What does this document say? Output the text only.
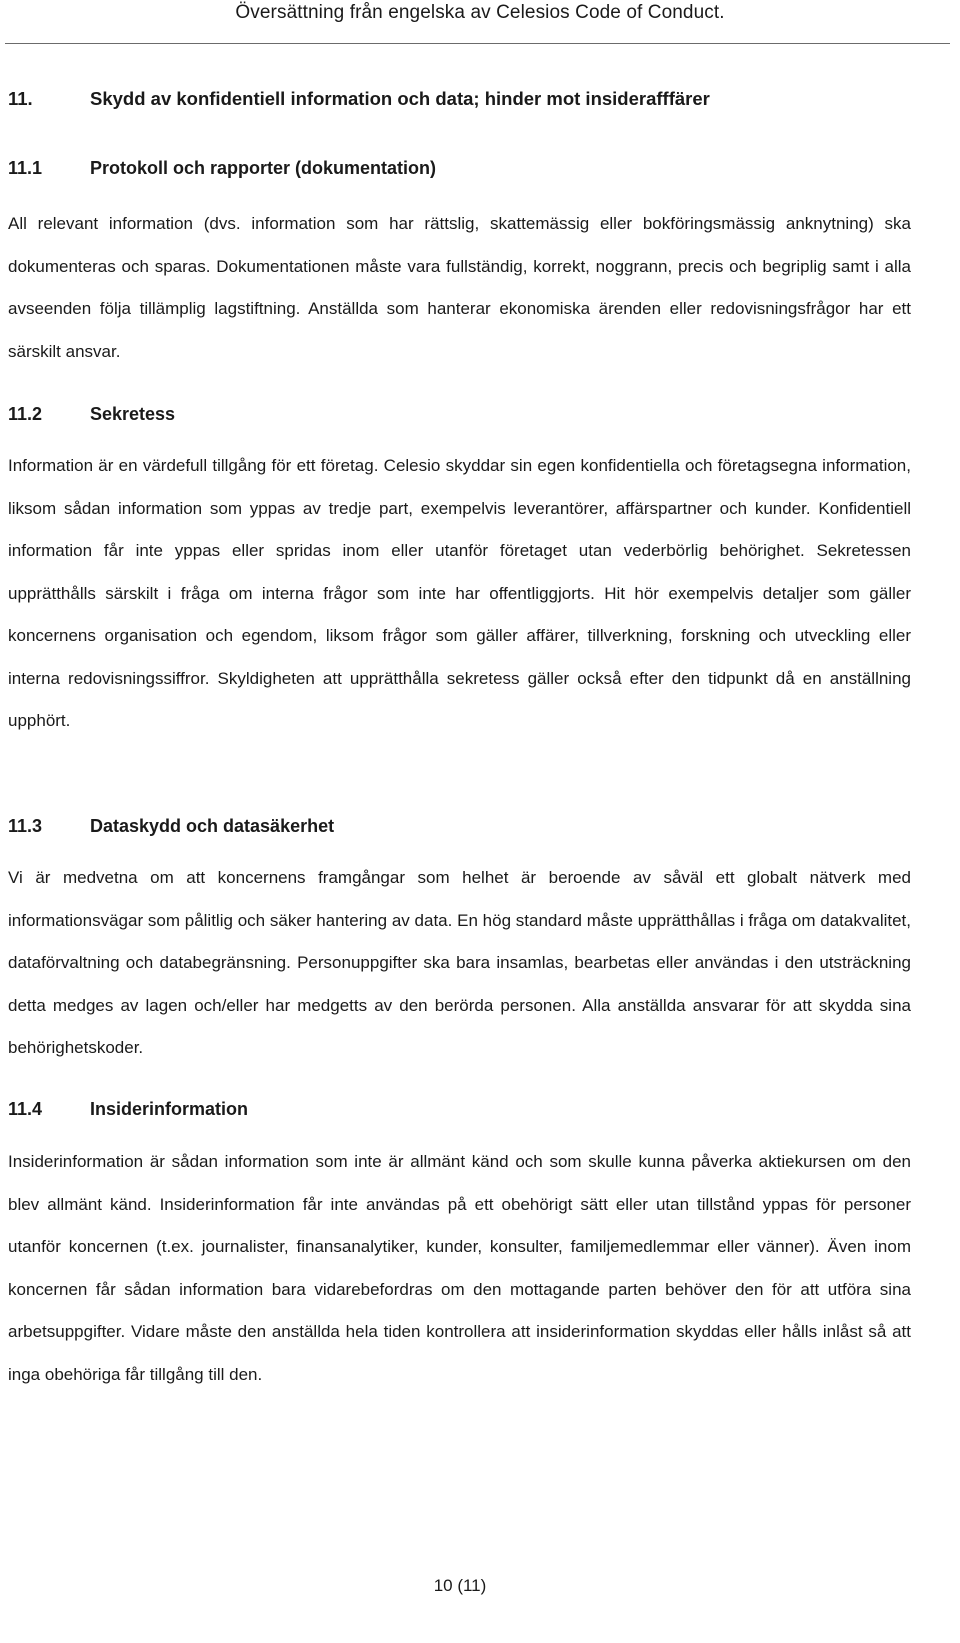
Översättning från engelska av Celesios Code of Conduct.
11.	Skydd av konfidentiell information och data; hinder mot insiderafffärer
11.1	Protokoll och rapporter (dokumentation)

All relevant information (dvs. information som har rättslig, skattemässig eller bokföringsmässig anknytning) ska dokumenteras och sparas. Dokumentationen måste vara fullständig, korrekt, noggrann, precis och begriplig samt i alla avseenden följa tillämplig lagstiftning. Anställda som hanterar ekonomiska ärenden eller redovisningsfrågor har ett särskilt ansvar.

11.2	Sekretess

Information är en värdefull tillgång för ett företag. Celesio skyddar sin egen konfidentiella och företagsegna information, liksom sådan information som yppas av tredje part, exempelvis leverantörer, affärspartner och kunder. Konfidentiell information får inte yppas eller spridas inom eller utanför företaget utan vederbörlig behörighet. Sekretessen upprätthålls särskilt i fråga om interna frågor som inte har offentliggjorts. Hit hör exempelvis detaljer som gäller koncernens organisation och egendom, liksom frågor som gäller affärer, tillverkning, forskning och utveckling eller interna redovisningssiffror. Skyldigheten att upprätthålla sekretess gäller också efter den tidpunkt då en anställning upphört.

11.3	Dataskydd och datasäkerhet

Vi är medvetna om att koncernens framgångar som helhet är beroende av såväl ett globalt nätverk med informationsvägar som pålitlig och säker hantering av data. En hög standard måste upprätthållas i fråga om datakvalitet, dataförvaltning och databegränsning. Personuppgifter ska bara insamlas, bearbetas eller användas i den utsträckning detta medges av lagen och/eller har medgetts av den berörda personen. Alla anställda ansvarar för att skydda sina behörighetskoder.

11.4	Insiderinformation

Insiderinformation är sådan information som inte är allmänt känd och som skulle kunna påverka aktiekursen om den blev allmänt känd. Insiderinformation får inte användas på ett obehörigt sätt eller utan tillstånd yppas för personer utanför koncernen (t.ex. journalister, finansanalytiker, kunder, konsulter, familjemedlemmar eller vänner). Även inom koncernen får sådan information bara vidarebefordras om den mottagande parten behöver den för att utföra sina arbetsuppgifter. Vidare måste den anställda hela tiden kontrollera att insiderinformation skyddas eller hålls inlåst så att inga obehöriga får tillgång till den.

10 (11)
